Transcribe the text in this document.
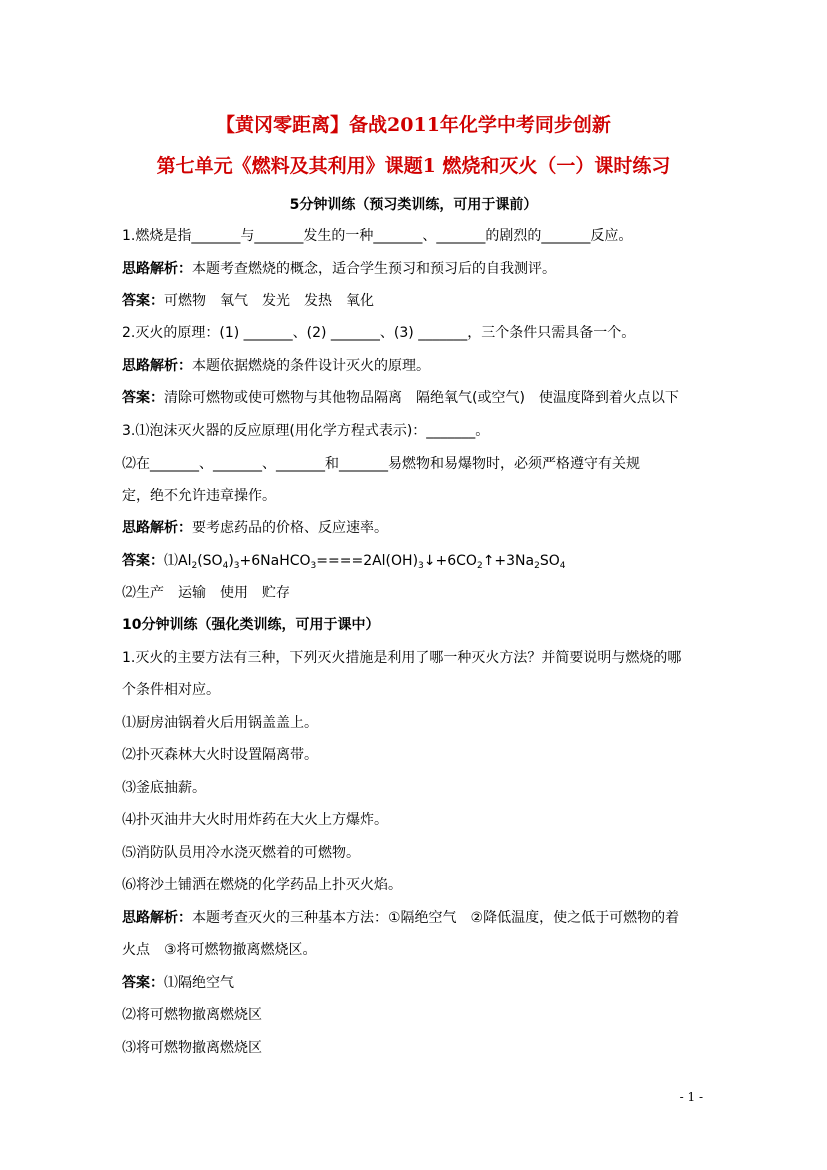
【黄冈零距离】备战2011年化学中考同步创新
第七单元《燃料及其利用》课题1 燃烧和灭火（一）课时练习
5分钟训练（预习类训练，可用于课前）
1.燃烧是指_______与_______发生的一种_______、_______的剧烈的_______反应。
思路解析：本题考查燃烧的概念，适合学生预习和预习后的自我测评。
答案：可燃物　氧气　发光　发热　氧化
2.灭火的原理：(1) _______、(2) _______、(3) _______，三个条件只需具备一个。
思路解析：本题依据燃烧的条件设计灭火的原理。
答案：清除可燃物或使可燃物与其他物品隔离　隔绝氧气(或空气)　使温度降到着火点以下
3.⑴泡沫灭火器的反应原理(用化学方程式表示)：_______。
⑵在_______、_______、_______和_______易燃物和易爆物时，必须严格遵守有关规
定，绝不允许违章操作。
思路解析：要考虑药品的价格、反应速率。
答案：$⑴Al_2(SO_4)_3+6NaHCO_3====2Al(OH)_3↓+6CO_2↑+3Na_2SO_4$
⑵生产　运输　使用　贮存
10分钟训练（强化类训练，可用于课中）
1.灭火的主要方法有三种，下列灭火措施是利用了哪一种灭火方法？并简要说明与燃烧的哪
个条件相对应。
⑴厨房油锅着火后用锅盖盖上。
⑵扑灭森林大火时设置隔离带。
⑶釜底抽薪。
⑷扑灭油井大火时用炸药在大火上方爆炸。
⑸消防队员用冷水浇灭燃着的可燃物。
⑹将沙土铺洒在燃烧的化学药品上扑灭火焰。
思路解析：本题考查灭火的三种基本方法：①隔绝空气　②降低温度，使之低于可燃物的着
火点　③将可燃物撤离燃烧区。
答案：⑴隔绝空气
⑵将可燃物撤离燃烧区
⑶将可燃物撤离燃烧区
- 1 -
